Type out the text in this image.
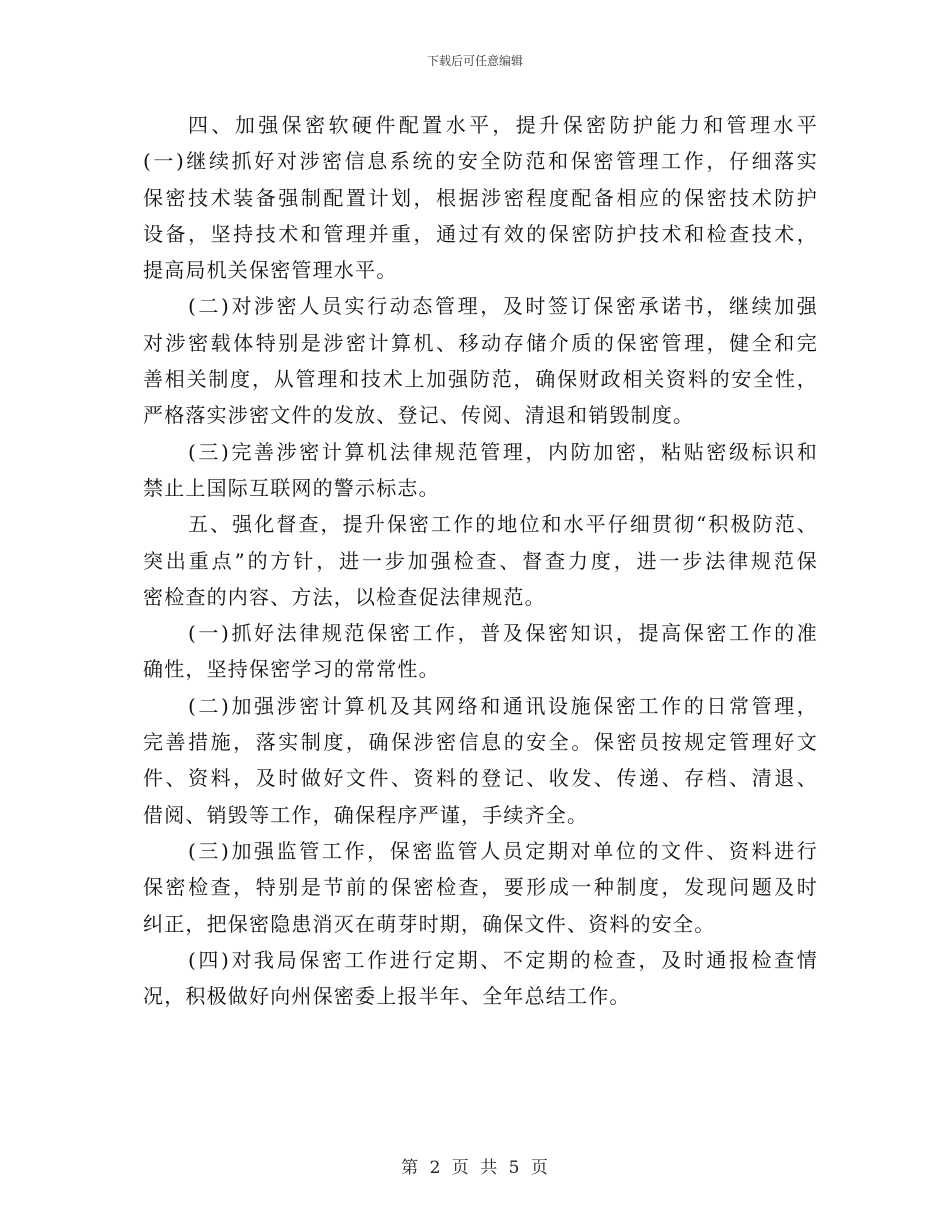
下载后可任意编辑
四、加强保密软硬件配置水平，提升保密防护能力和管理水平
(一)继续抓好对涉密信息系统的安全防范和保密管理工作，仔细落实
保密技术装备强制配置计划，根据涉密程度配备相应的保密技术防护
设备，坚持技术和管理并重，通过有效的保密防护技术和检查技术，
提高局机关保密管理水平。
(二)对涉密人员实行动态管理，及时签订保密承诺书，继续加强
对涉密载体特别是涉密计算机、移动存储介质的保密管理，健全和完
善相关制度，从管理和技术上加强防范，确保财政相关资料的安全性，
严格落实涉密文件的发放、登记、传阅、清退和销毁制度。
(三)完善涉密计算机法律规范管理，内防加密，粘贴密级标识和
禁止上国际互联网的警示标志。
五、强化督查，提升保密工作的地位和水平仔细贯彻“积极防范、
突出重点”的方针，进一步加强检查、督查力度，进一步法律规范保
密检查的内容、方法，以检查促法律规范。
(一)抓好法律规范保密工作，普及保密知识，提高保密工作的准
确性，坚持保密学习的常常性。
(二)加强涉密计算机及其网络和通讯设施保密工作的日常管理，
完善措施，落实制度，确保涉密信息的安全。保密员按规定管理好文
件、资料，及时做好文件、资料的登记、收发、传递、存档、清退、
借阅、销毁等工作，确保程序严谨，手续齐全。
(三)加强监管工作，保密监管人员定期对单位的文件、资料进行
保密检查，特别是节前的保密检查，要形成一种制度，发现问题及时
纠正，把保密隐患消灭在萌芽时期，确保文件、资料的安全。
(四)对我局保密工作进行定期、不定期的检查，及时通报检查情
况，积极做好向州保密委上报半年、全年总结工作。
第 2 页 共 5 页
